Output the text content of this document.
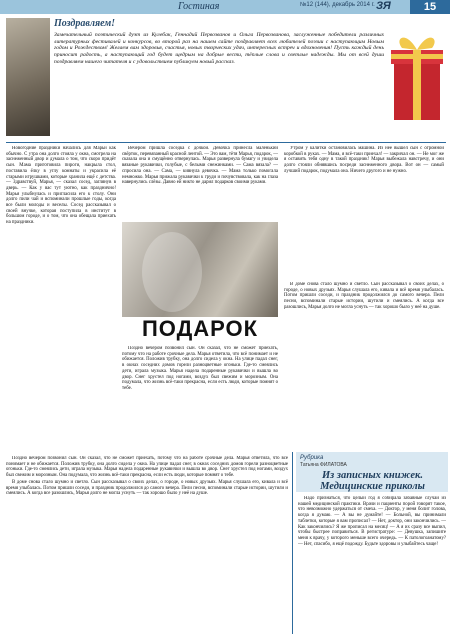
Гостиная	№12 (144), декабрь 2014 г. ЗЯ	15
Поздравляем!
Замечательный поэтический дуэт из Кулебак, Геннадий Первозванов и Ольга Первозванова, заслуженные победители различных литературных фестивалей и конкурсов, во второй раз на нашем сайте поздравляет всех любителей поэзии с наступающим Новым годом и Рождеством! Желаем вам здоровья, счастья, новых творческих удач, интересных встреч и вдохновения! Пусть каждый день приносит радость, а наступающий год будет щедрым на добрые вести, тёплые слова и светлые надежды. Мы от всей души поздравляем нашего читателя и с удовольствием публикуем новый рассказ.
Новогодние праздники начались для Марьи как обычно. С утра она долго стояла у окна, смотрела на заснеженный двор и думала о том, что скоро придёт сын. Мама приготовила пироги, накрыла стол, поставила ёлку в углу комнаты и украсила её старыми игрушками, которые хранила ещё с детства. — Здравствуй, Марья, — сказал сосед, заглянув в дверь. — Как у вас тут уютно, как празднично! Марья улыбнулась и пригласила его к столу. Они долго пили чай и вспоминали прошлые годы, когда все были молоды и веселы. Сосед рассказывал о своей внучке, которая поступила в институт в большом городе, и о том, что она обещала приехать на праздники.
Вечером пришла соседка с дочкой. Девочка принесла маленький свёрток, перевязанный красной лентой. — Это вам, тётя Марья, подарок, — сказала она и смущённо отвернулась. Марья развернула бумагу и увидела вязаные рукавички, голубые, с белыми снежинками. — Сама вязала? — спросила она. — Сама, — кивнула девочка. — Мама только помогала немножко. Марья прижала рукавички к груди и почувствовала, как на глаза навернулись слёзы. Давно ей никто не дарил подарков своими руками.
ПОДАРОК
Поздно вечером позвонил сын. Он сказал, что не сможет приехать, потому что на работе срочные дела. Марья ответила, что всё понимает и не обижается. Положив трубку, она долго сидела у окна. На улице падал снег, в окнах соседних домов горели разноцветные огоньки. Где-то смеялись дети, играла музыка. Марья надела подаренные рукавички и вышла во двор. Снег хрустел под ногами, воздух был свежим и морозным. Она подумала, что жизнь всё-таки прекрасна, если есть люди, которые помнят о тебе.
Утром у калитки остановилась машина. Из неё вышел сын с огромной коробкой в руках. — Мама, я всё-таки приехал! — закричал он. — Не мог же я оставить тебя одну в такой праздник! Марья выбежала навстречу, и они долго стояли обнявшись посреди заснеженного двора. Вот он — самый лучший подарок, подумала она. Ничего другого и не нужно.
В доме снова стало шумно и светло. Сын рассказывал о своих делах, о городе, о новых друзьях. Марья слушала его, кивала и всё время улыбалась. Потом пришли соседи, и праздник продолжился до самого вечера. Пели песни, вспоминали старые истории, шутили и смеялись. А когда все разошлись, Марья долго не могла уснуть — так хорошо было у неё на душе.
Поздно вечером позвонил сын. Он сказал, что не сможет приехать, потому что на работе срочные дела. Марья ответила, что всё понимает и не обижается. Положив трубку, она долго сидела у окна. На улице падал снег, в окнах соседних домов горели разноцветные огоньки. Где-то смеялись дети, играла музыка. Марья надела подаренные рукавички и вышла во двор. Снег хрустел под ногами, воздух был свежим и морозным. Она подумала, что жизнь всё-таки прекрасна, если есть люди, которые помнят о тебе.
В доме снова стало шумно и светло. Сын рассказывал о своих делах, о городе, о новых друзьях. Марья слушала его, кивала и всё время улыбалась. Потом пришли соседи, и праздник продолжился до самого вечера. Пели песни, вспоминали старые истории, шутили и смеялись. А когда все разошлись, Марья долго не могла уснуть — так хорошо было у неё на душе.
Рубрика
Татьяна ФИЛАТОВА
Из записных книжек. Медицинские приколы
Надо признаться, что целый год я собирала забавные случаи из нашей медицинской практики. Врачи и пациенты порой говорят такое, что невозможно удержаться от смеха. — Доктор, у меня болит голова, когда я думаю. — А вы не думайте! — Больной, вы принимали таблетки, которые я вам прописал? — Нет, доктор, они закончились. — Как закончились? Я же прописал на месяц! — А я их сразу все выпил, чтобы быстрее поправиться. В регистратуре: — Девушка, запишите меня к врачу, у которого меньше всего очередь. — К патологоанатому? — Нет, спасибо, я ещё подожду. Будьте здоровы и улыбайтесь чаще!
